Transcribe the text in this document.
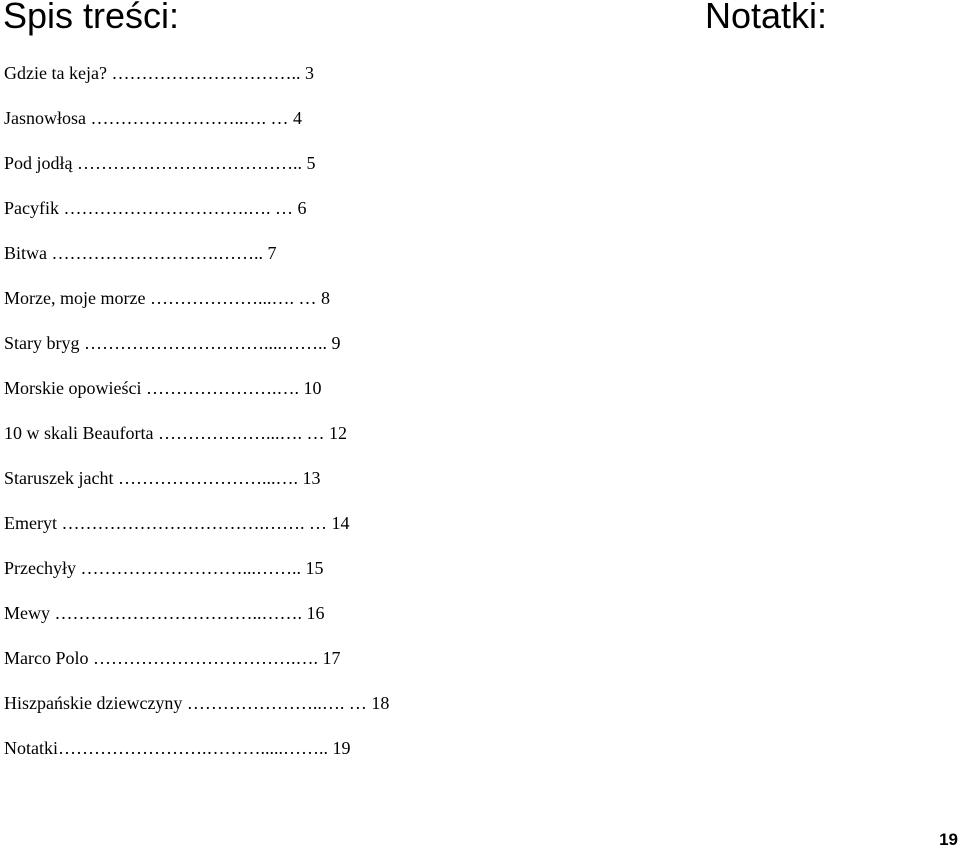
Spis treści:	Notatki:
Gdzie ta keja? ………………………….. 3
Jasnowłosa ……………………..…. … 4
Pod jodłą ……………………………….. 5
Pacyfik ………………………….…. … 6
Bitwa ……………………….…….. 7
Morze, moje morze ………………...…. … 8
Stary bryg …………………………....…….. 9
Morskie opowieści ………………….…. 10
10 w skali Beauforta ………………...…. … 12
Staruszek jacht ……………………...…. 13
Emeryt …………………………….……. … 14
Przechyły ………………………...…….. 15
Mewy ……………………………..……. 16
Marco Polo …………………………….…. 17
Hiszpańskie dziewczyny …………………..…. … 18
Notatki…………………….……….....…….. 19
19
